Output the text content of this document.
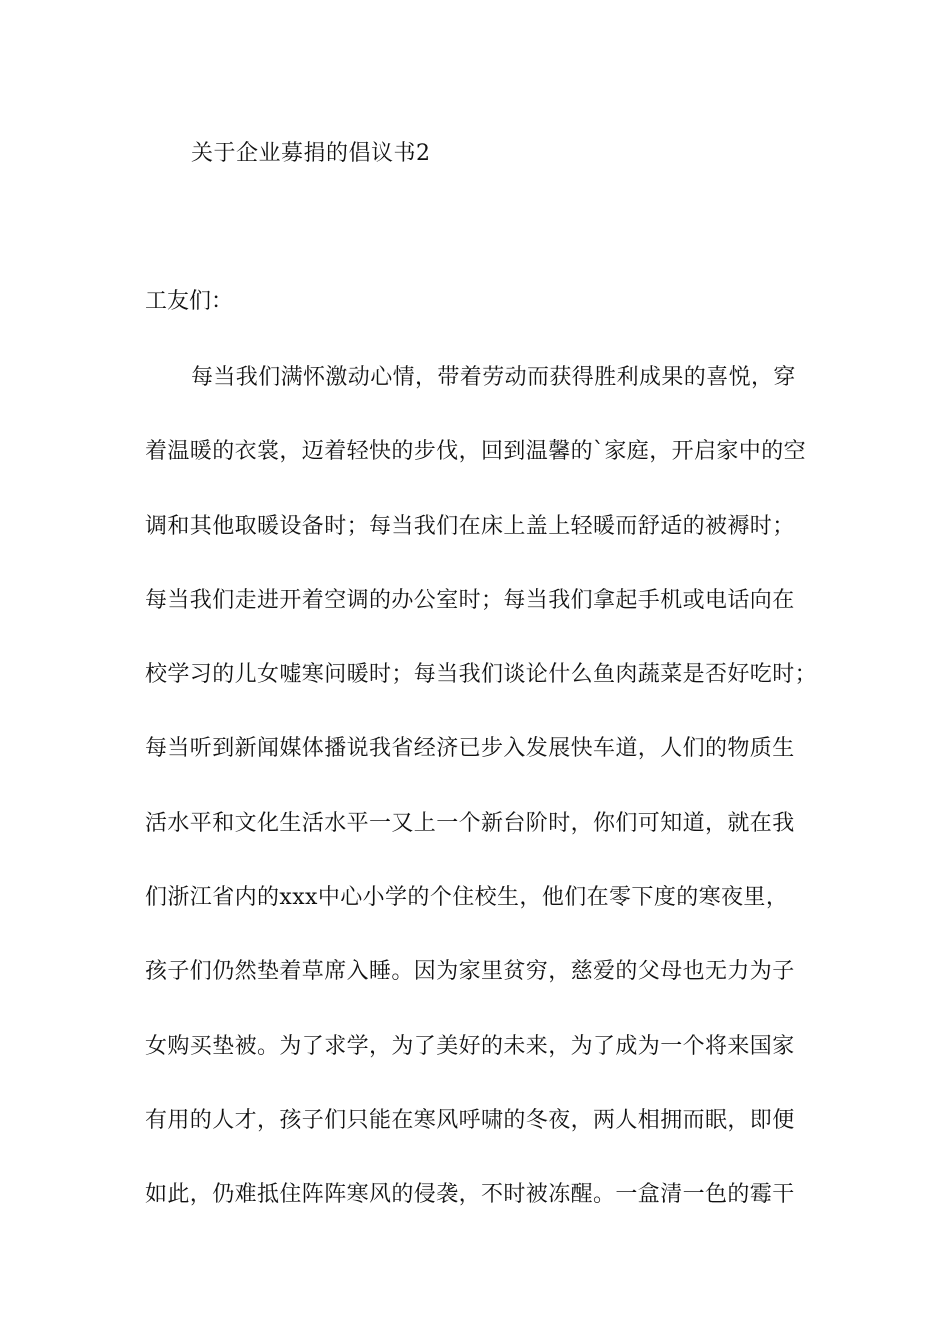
关于企业募捐的倡议书2
工友们：
每当我们满怀激动心情，带着劳动而获得胜利成果的喜悦，穿
着温暖的衣裳，迈着轻快的步伐，回到温馨的`家庭，开启家中的空
调和其他取暖设备时；每当我们在床上盖上轻暖而舒适的被褥时；
每当我们走进开着空调的办公室时；每当我们拿起手机或电话向在
校学习的儿女嘘寒问暖时；每当我们谈论什么鱼肉蔬菜是否好吃时；
每当听到新闻媒体播说我省经济已步入发展快车道，人们的物质生
活水平和文化生活水平一又上一个新台阶时，你们可知道，就在我
们浙江省内的xxx中心小学的个住校生，他们在零下度的寒夜里，
孩子们仍然垫着草席入睡。因为家里贫穷，慈爱的父母也无力为子
女购买垫被。为了求学，为了美好的未来，为了成为一个将来国家
有用的人才，孩子们只能在寒风呼啸的冬夜，两人相拥而眠，即便
如此，仍难抵住阵阵寒风的侵袭，不时被冻醒。一盒清一色的霉干
